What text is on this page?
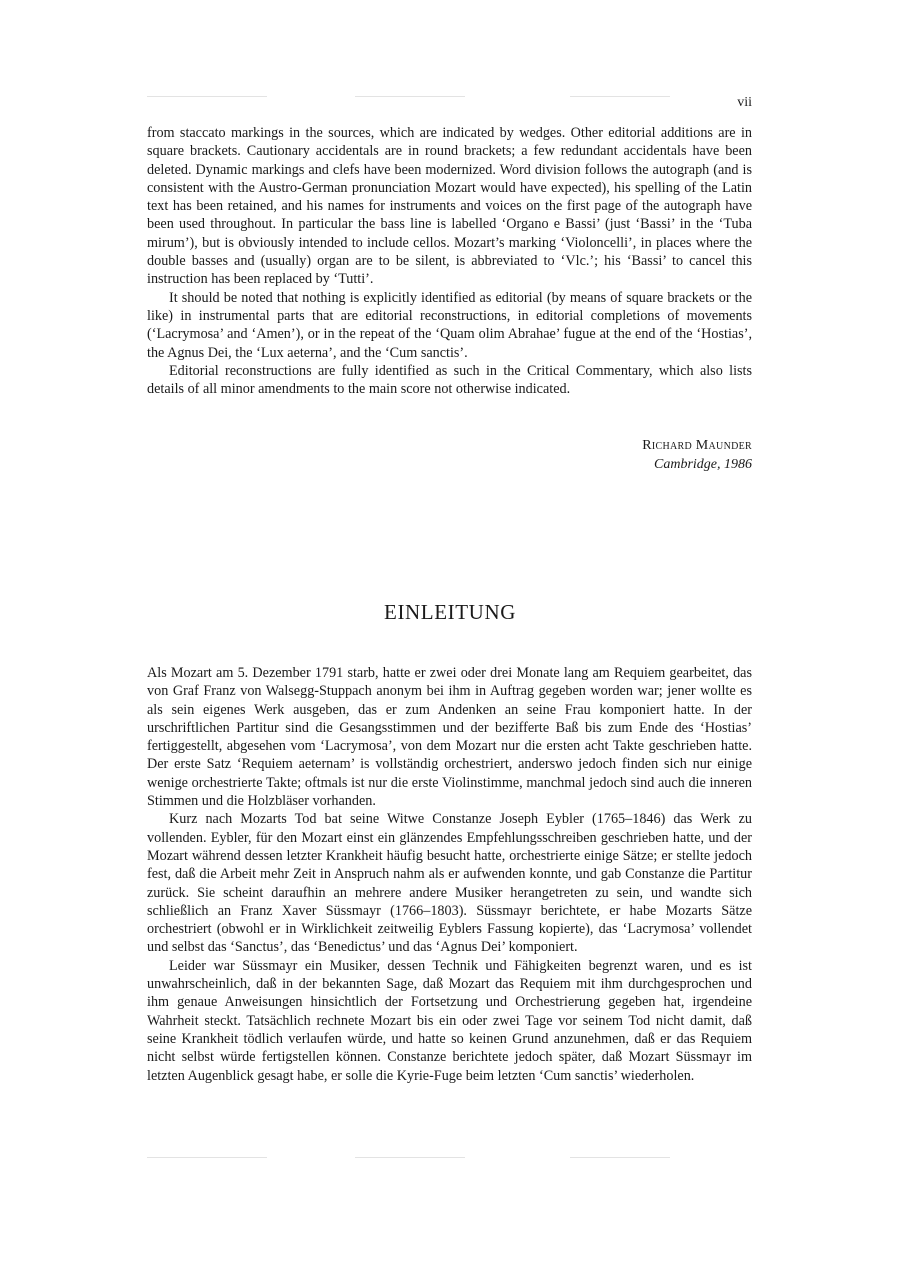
vii

from staccato markings in the sources, which are indicated by wedges. Other editorial additions are in square brackets. Cautionary accidentals are in round brackets; a few redundant accidentals have been deleted. Dynamic markings and clefs have been modernized. Word division follows the autograph (and is consistent with the Austro-German pronunciation Mozart would have expected), his spelling of the Latin text has been retained, and his names for instruments and voices on the first page of the autograph have been used throughout. In particular the bass line is labelled ‘Organo e Bassi’ (just ‘Bassi’ in the ‘Tuba mirum’), but is obviously intended to include cellos. Mozart’s marking ‘Violoncelli’, in places where the double basses and (usually) organ are to be silent, is abbreviated to ‘Vlc.’; his ‘Bassi’ to cancel this instruction has been replaced by ‘Tutti’.

It should be noted that nothing is explicitly identified as editorial (by means of square brackets or the like) in instrumental parts that are editorial reconstructions, in editorial completions of movements (‘Lacrymosa’ and ‘Amen’), or in the repeat of the ‘Quam olim Abrahae’ fugue at the end of the ‘Hostias’, the Agnus Dei, the ‘Lux aeterna’, and the ‘Cum sanctis’.

Editorial reconstructions are fully identified as such in the Critical Commentary, which also lists details of all minor amendments to the main score not otherwise indicated.

Richard Maunder
Cambridge, 1986
EINLEITUNG

Als Mozart am 5. Dezember 1791 starb, hatte er zwei oder drei Monate lang am Requiem gearbeitet, das von Graf Franz von Walsegg-Stuppach anonym bei ihm in Auftrag gegeben worden war; jener wollte es als sein eigenes Werk ausgeben, das er zum Andenken an seine Frau komponiert hatte. In der urschriftlichen Partitur sind die Gesangsstimmen und der bezifferte Baß bis zum Ende des ‘Hostias’ fertiggestellt, abgesehen vom ‘Lacrymosa’, von dem Mozart nur die ersten acht Takte geschrieben hatte. Der erste Satz ‘Requiem aeternam’ is vollständig orchestriert, anderswo jedoch finden sich nur einige wenige orchestrierte Takte; oftmals ist nur die erste Violinstimme, manchmal jedoch sind auch die inneren Stimmen und die Holzbläser vorhanden.

Kurz nach Mozarts Tod bat seine Witwe Constanze Joseph Eybler (1765–1846) das Werk zu vollenden. Eybler, für den Mozart einst ein glänzendes Empfehlungsschreiben geschrieben hatte, und der Mozart während dessen letzter Krankheit häufig besucht hatte, orchestrierte einige Sätze; er stellte jedoch fest, daß die Arbeit mehr Zeit in Anspruch nahm als er aufwenden konnte, und gab Constanze die Partitur zurück. Sie scheint daraufhin an mehrere andere Musiker herangetreten zu sein, und wandte sich schließlich an Franz Xaver Süssmayr (1766–1803). Süssmayr berichtete, er habe Mozarts Sätze orchestriert (obwohl er in Wirklichkeit zeitweilig Eyblers Fassung kopierte), das ‘Lacrymosa’ vollendet und selbst das ‘Sanctus’, das ‘Benedictus’ und das ‘Agnus Dei’ komponiert.

Leider war Süssmayr ein Musiker, dessen Technik und Fähigkeiten begrenzt waren, und es ist unwahrscheinlich, daß in der bekannten Sage, daß Mozart das Requiem mit ihm durchgesprochen und ihm genaue Anweisungen hinsichtlich der Fortsetzung und Orchestrierung gegeben hat, irgendeine Wahrheit steckt. Tatsächlich rechnete Mozart bis ein oder zwei Tage vor seinem Tod nicht damit, daß seine Krankheit tödlich verlaufen würde, und hatte so keinen Grund anzunehmen, daß er das Requiem nicht selbst würde fertigstellen können. Constanze berichtete jedoch später, daß Mozart Süssmayr im letzten Augenblick gesagt habe, er solle die Kyrie-Fuge beim letzten ‘Cum sanctis’ wiederholen.
